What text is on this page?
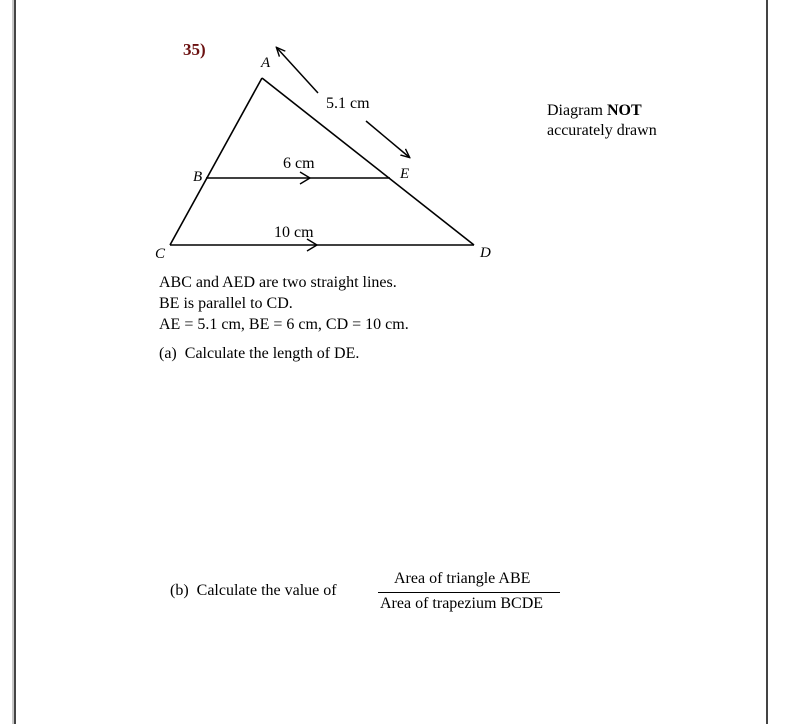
35)
Diagram NOT
accurately drawn
A
B
C	D
E
5.1 cm
6 cm
10 cm
ABC and AED are two straight lines.
BE is parallel to CD.
AE = 5.1 cm, BE = 6 cm, CD = 10 cm.
(a) Calculate the length of DE.
(b) Calculate the value of
Area of triangle ABE
Area of trapezium BCDE
